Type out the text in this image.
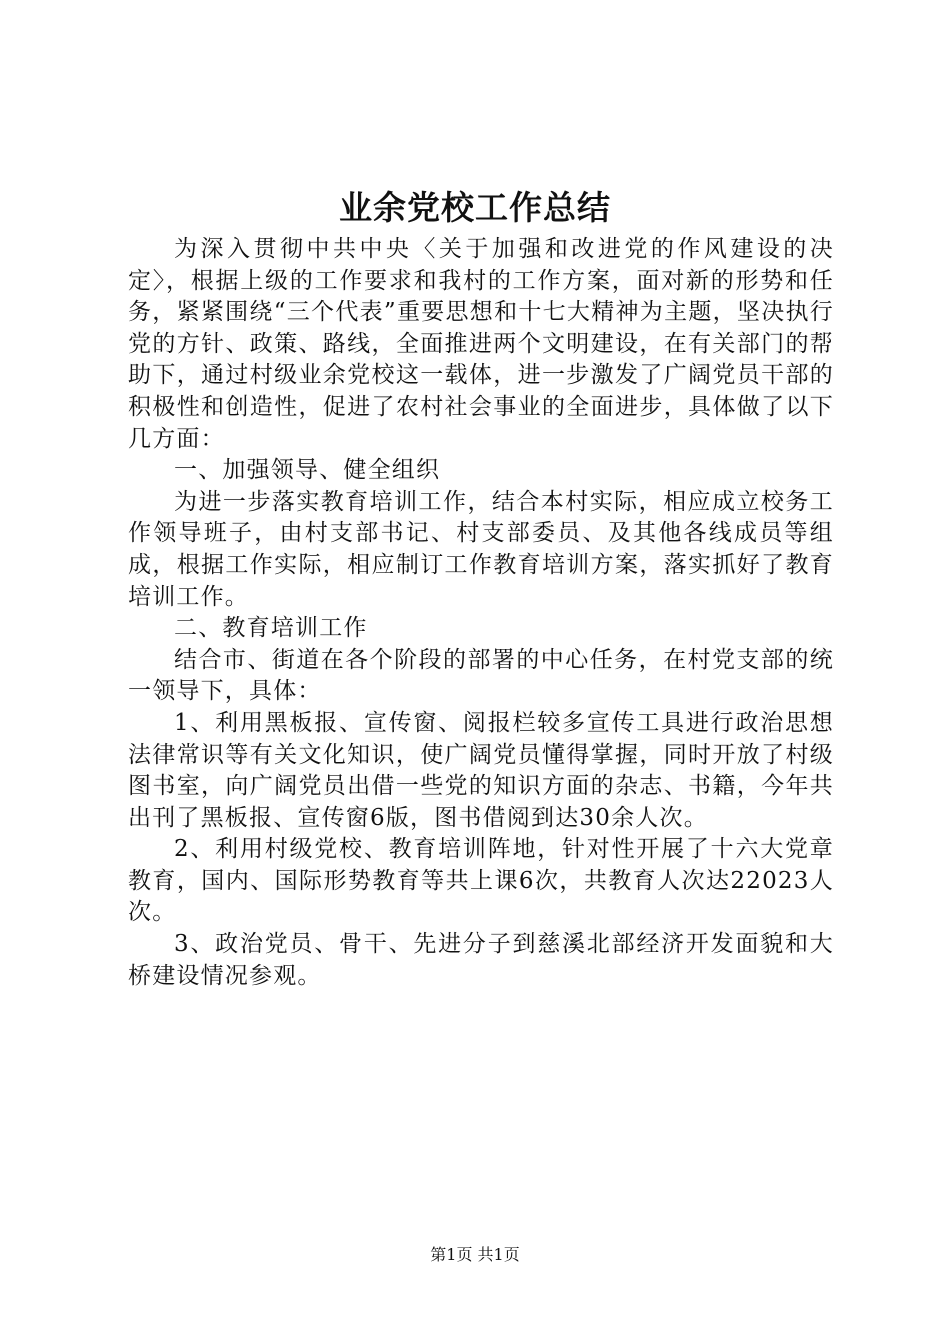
业余党校工作总结

为深入贯彻中共中央〈关于加强和改进党的作风建设的决定〉，根据上级的工作要求和我村的工作方案，面对新的形势和任务，紧紧围绕“三个代表”重要思想和十七大精神为主题，坚决执行党的方针、政策、路线，全面推进两个文明建设，在有关部门的帮助下，通过村级业余党校这一载体，进一步激发了广阔党员干部的积极性和创造性，促进了农村社会事业的全面进步，具体做了以下几方面：

一、加强领导、健全组织

为进一步落实教育培训工作，结合本村实际，相应成立校务工作领导班子，由村支部书记、村支部委员、及其他各线成员等组成，根据工作实际，相应制订工作教育培训方案，落实抓好了教育培训工作。

二、教育培训工作

结合市、街道在各个阶段的部署的中心任务，在村党支部的统一领导下，具体：

1、利用黑板报、宣传窗、阅报栏较多宣传工具进行政治思想法律常识等有关文化知识，使广阔党员懂得掌握，同时开放了村级图书室，向广阔党员出借一些党的知识方面的杂志、书籍，今年共出刊了黑板报、宣传窗6版，图书借阅到达30余人次。

2、利用村级党校、教育培训阵地，针对性开展了十六大党章教育，国内、国际形势教育等共上课6次，共教育人次达22023人次。

3、政治党员、骨干、先进分子到慈溪北部经济开发面貌和大桥建设情况参观。

第1页 共1页
